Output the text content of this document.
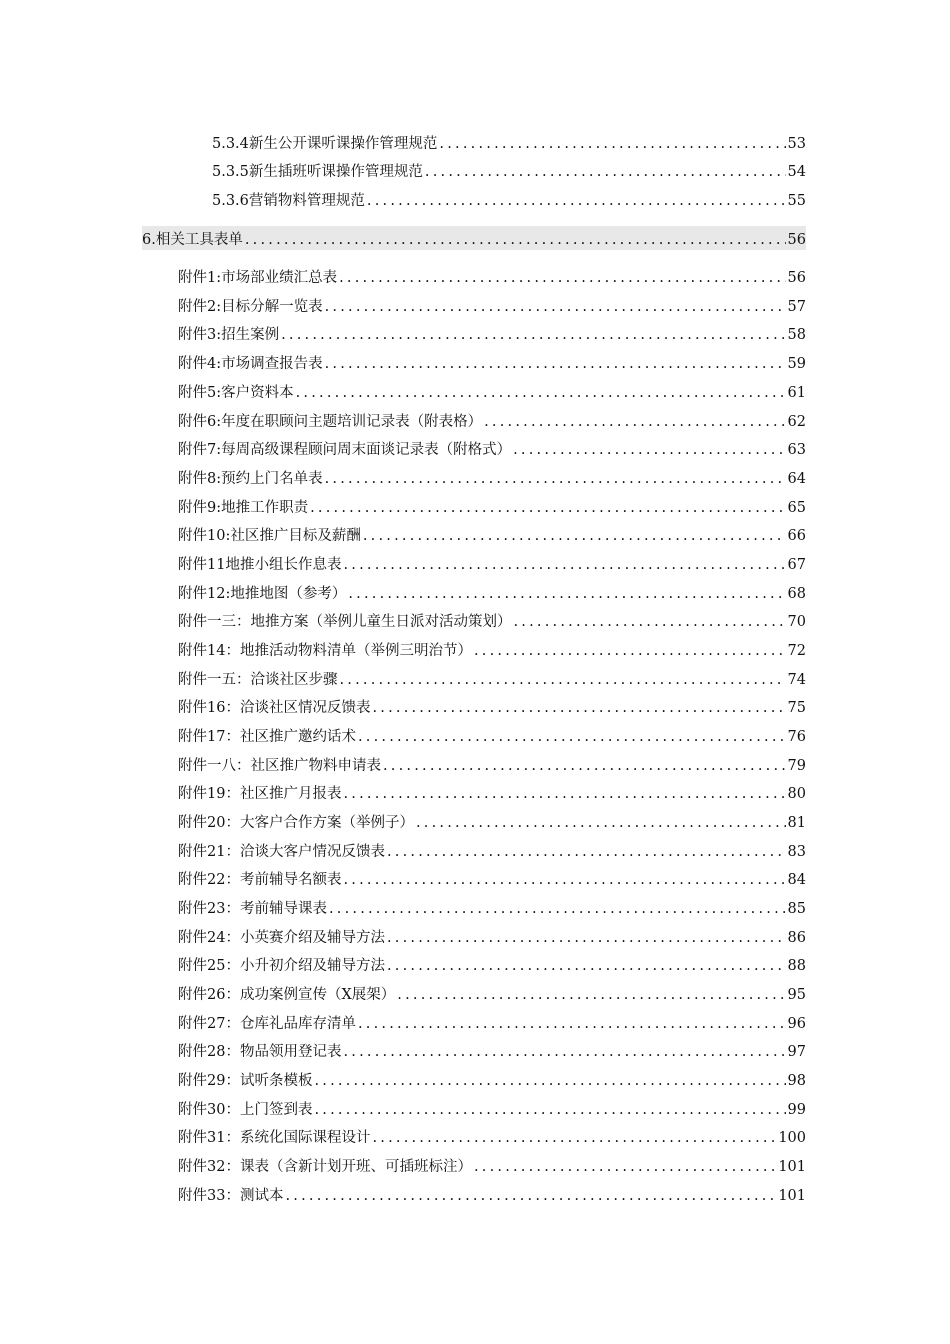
5.3.4新生公开课听课操作管理规范 .....	53
5.3.5新生插班听课操作管理规范 .....	54
5.3.6营销物料管理规范 .....	55
6.相关工具表单 .....	56
附件1:市场部业绩汇总表 .....	56
附件2:目标分解一览表 .....	57
附件3:招生案例 .....	58
附件4:市场调查报告表 .....	59
附件5:客户资料本 .....	61
附件6:年度在职顾问主题培训记录表（附表格） .....	62
附件7:每周高级课程顾问周末面谈记录表（附格式） .....	63
附件8:预约上门名单表 .....	64
附件9:地推工作职责 .....	65
附件10:社区推广目标及薪酬 .....	66
附件11地推小组长作息表 .....	67
附件12:地推地图（参考） .....	68
附件一三：地推方案（举例儿童生日派对活动策划） .....	70
附件14：地推活动物料清单（举例三明治节） .....	72
附件一五：洽谈社区步骤 .....	74
附件16：洽谈社区情况反馈表 .....	75
附件17：社区推广邀约话术 .....	76
附件一八：社区推广物料申请表 .....	79
附件19：社区推广月报表 .....	80
附件20：大客户合作方案（举例子） .....	81
附件21：洽谈大客户情况反馈表 .....	83
附件22：考前辅导名额表 .....	84
附件23：考前辅导课表 .....	85
附件24：小英赛介绍及辅导方法 .....	86
附件25：小升初介绍及辅导方法 .....	88
附件26：成功案例宣传（X展架） .....	95
附件27：仓库礼品库存清单 .....	96
附件28：物品领用登记表 .....	97
附件29：试听条模板 .....	98
附件30：上门签到表 .....	99
附件31：系统化国际课程设计 .....	100
附件32：课表（含新计划开班、可插班标注） .....	101
附件33：测试本 .....	101
